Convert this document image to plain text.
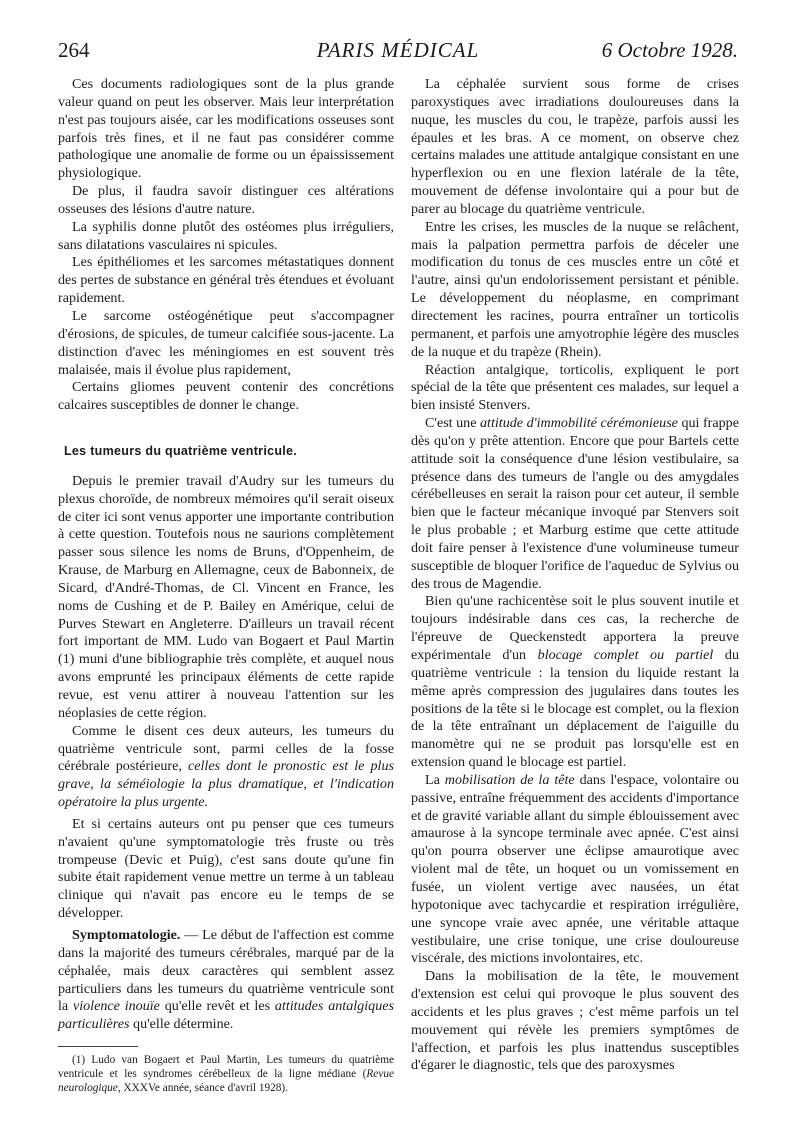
264	PARIS MÉDICAL	6 Octobre 1928.

Ces documents radiologiques sont de la plus grande valeur quand on peut les observer. Mais leur interprétation n'est pas toujours aisée, car les modifications osseuses sont parfois très fines, et il ne faut pas considérer comme pathologique une anomalie de forme ou un épaississement physiologique.

De plus, il faudra savoir distinguer ces altérations osseuses des lésions d'autre nature.

La syphilis donne plutôt des ostéomes plus irréguliers, sans dilatations vasculaires ni spicules.

Les épithéliomes et les sarcomes métastatiques donnent des pertes de substance en général très étendues et évoluant rapidement.

Le sarcome ostéogénétique peut s'accompagner d'érosions, de spicules, de tumeur calcifiée sous-jacente. La distinction d'avec les méningiomes en est souvent très malaisée, mais il évolue plus rapidement,

Certains gliomes peuvent contenir des concrétions calcaires susceptibles de donner le change.

Les tumeurs du quatrième ventricule.

Depuis le premier travail d'Audry sur les tumeurs du plexus choroïde, de nombreux mémoires qu'il serait oiseux de citer ici sont venus apporter une importante contribution à cette question. Toutefois nous ne saurions complètement passer sous silence les noms de Bruns, d'Oppenheim, de Krause, de Marburg en Allemagne, ceux de Babonneix, de Sicard, d'André-Thomas, de Cl. Vincent en France, les noms de Cushing et de P. Bailey en Amérique, celui de Purves Stewart en Angleterre. D'ailleurs un travail récent fort important de MM. Ludo van Bogaert et Paul Martin (1) muni d'une bibliographie très complète, et auquel nous avons emprunté les principaux éléments de cette rapide revue, est venu attirer à nouveau l'attention sur les néoplasies de cette région.

Comme le disent ces deux auteurs, les tumeurs du quatrième ventricule sont, parmi celles de la fosse cérébrale postérieure, celles dont le pronostic est le plus grave, la séméiologie la plus dramatique, et l'indication opératoire la plus urgente.

Et si certains auteurs ont pu penser que ces tumeurs n'avaient qu'une symptomatologie très fruste ou très trompeuse (Devic et Puig), c'est sans doute qu'une fin subite était rapidement venue mettre un terme à un tableau clinique qui n'avait pas encore eu le temps de se développer.

Symptomatologie. — Le début de l'affection est comme dans la majorité des tumeurs cérébrales, marqué par de la céphalée, mais deux caractères qui semblent assez particuliers dans les tumeurs du quatrième ventricule sont la violence inouïe qu'elle revêt et les attitudes antalgiques particulières qu'elle détermine.

(1) Ludo van Bogaert et Paul Martin, Les tumeurs du quatrième ventricule et les syndromes cérébelleux de la ligne médiane (Revue neurologique, XXXVe année, séance d'avril 1928).

La céphalée survient sous forme de crises paroxystiques avec irradiations douloureuses dans la nuque, les muscles du cou, le trapèze, parfois aussi les épaules et les bras. A ce moment, on observe chez certains malades une attitude antalgique consistant en une hyperflexion ou en une flexion latérale de la tête, mouvement de défense involontaire qui a pour but de parer au blocage du quatrième ventricule.

Entre les crises, les muscles de la nuque se relâchent, mais la palpation permettra parfois de déceler une modification du tonus de ces muscles entre un côté et l'autre, ainsi qu'un endolorissement persistant et pénible. Le développement du néoplasme, en comprimant directement les racines, pourra entraîner un torticolis permanent, et parfois une amyotrophie légère des muscles de la nuque et du trapèze (Rhein).

Réaction antalgique, torticolis, expliquent le port spécial de la tête que présentent ces malades, sur lequel a bien insisté Stenvers.

C'est une attitude d'immobilité cérémonieuse qui frappe dès qu'on y prête attention. Encore que pour Bartels cette attitude soit la conséquence d'une lésion vestibulaire, sa présence dans des tumeurs de l'angle ou des amygdales cérébelleuses en serait la raison pour cet auteur, il semble bien que le facteur mécanique invoqué par Stenvers soit le plus probable ; et Marburg estime que cette attitude doit faire penser à l'existence d'une volumineuse tumeur susceptible de bloquer l'orifice de l'aqueduc de Sylvius ou des trous de Magendie.

Bien qu'une rachicentèse soit le plus souvent inutile et toujours indésirable dans ces cas, la recherche de l'épreuve de Queckenstedt apportera la preuve expérimentale d'un blocage complet ou partiel du quatrième ventricule : la tension du liquide restant la même après compression des jugulaires dans toutes les positions de la tête si le blocage est complet, ou la flexion de la tête entraînant un déplacement de l'aiguille du manomètre qui ne se produit pas lorsqu'elle est en extension quand le blocage est partiel.

La mobilisation de la tête dans l'espace, volontaire ou passive, entraîne fréquemment des accidents d'importance et de gravité variable allant du simple éblouissement avec amaurose à la syncope terminale avec apnée. C'est ainsi qu'on pourra observer une éclipse amaurotique avec violent mal de tête, un hoquet ou un vomissement en fusée, un violent vertige avec nausées, un état hypotonique avec tachycardie et respiration irrégulière, une syncope vraie avec apnée, une véritable attaque vestibulaire, une crise tonique, une crise douloureuse viscérale, des mictions involontaires, etc.

Dans la mobilisation de la tête, le mouvement d'extension est celui qui provoque le plus souvent des accidents et les plus graves ; c'est même parfois un tel mouvement qui révèle les premiers symptômes de l'affection, et parfois les plus inattendus susceptibles d'égarer le diagnostic, tels que des paroxysmes
